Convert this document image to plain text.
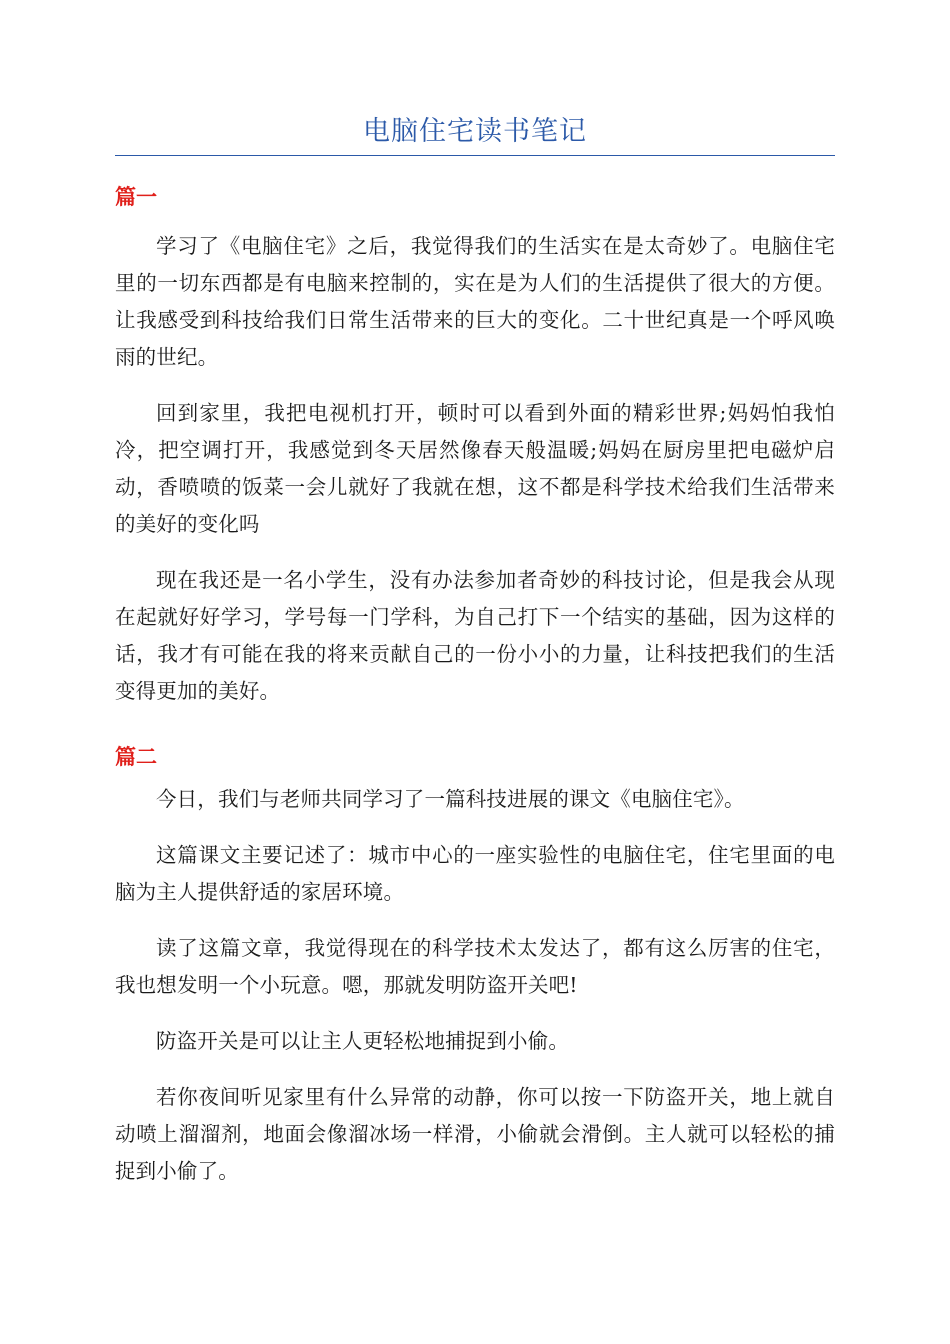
电脑住宅读书笔记
篇一

学习了《电脑住宅》之后，我觉得我们的生活实在是太奇妙了。电脑住宅里的一切东西都是有电脑来控制的，实在是为人们的生活提供了很大的方便。让我感受到科技给我们日常生活带来的巨大的变化。二十世纪真是一个呼风唤雨的世纪。

回到家里，我把电视机打开，顿时可以看到外面的精彩世界;妈妈怕我怕冷，把空调打开，我感觉到冬天居然像春天般温暖;妈妈在厨房里把电磁炉启动，香喷喷的饭菜一会儿就好了我就在想，这不都是科学技术给我们生活带来的美好的变化吗

现在我还是一名小学生，没有办法参加者奇妙的科技讨论，但是我会从现在起就好好学习，学号每一门学科，为自己打下一个结实的基础，因为这样的话，我才有可能在我的将来贡献自己的一份小小的力量，让科技把我们的生活变得更加的美好。

篇二

今日，我们与老师共同学习了一篇科技进展的课文《电脑住宅》。

这篇课文主要记述了：城市中心的一座实验性的电脑住宅，住宅里面的电脑为主人提供舒适的家居环境。

读了这篇文章，我觉得现在的科学技术太发达了，都有这么厉害的住宅，我也想发明一个小玩意。嗯，那就发明防盗开关吧!

防盗开关是可以让主人更轻松地捕捉到小偷。

若你夜间听见家里有什么异常的动静，你可以按一下防盗开关，地上就自动喷上溜溜剂，地面会像溜冰场一样滑，小偷就会滑倒。主人就可以轻松的捕捉到小偷了。
